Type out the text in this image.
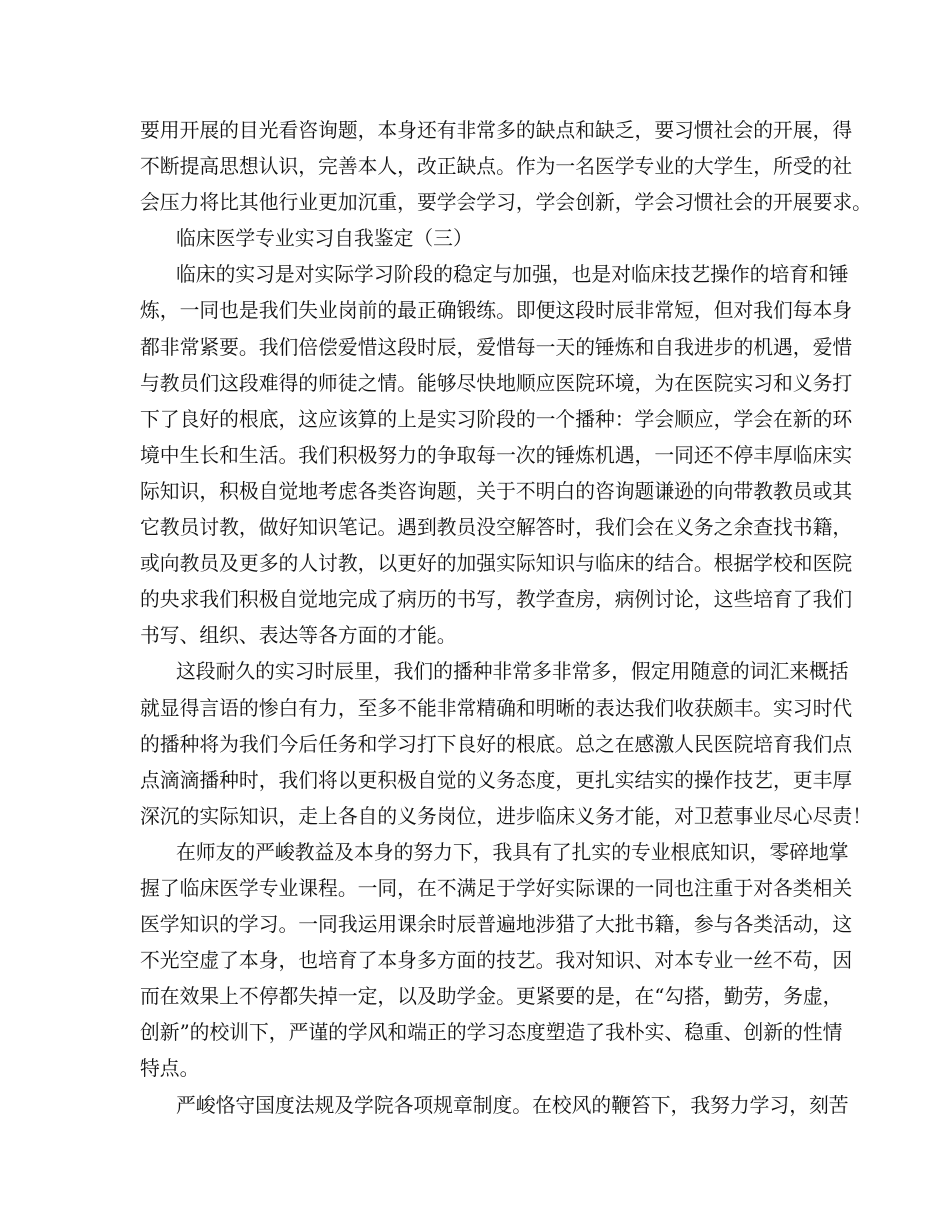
要用开展的目光看咨询题，本身还有非常多的缺点和缺乏，要习惯社会的开展，得
不断提高思想认识，完善本人，改正缺点。作为一名医学专业的大学生，所受的社
会压力将比其他行业更加沉重，要学会学习，学会创新，学会习惯社会的开展要求。
临床医学专业实习自我鉴定（三）
临床的实习是对实际学习阶段的稳定与加强，也是对临床技艺操作的培育和锤
炼，一同也是我们失业岗前的最正确锻练。即便这段时辰非常短，但对我们每本身
都非常紧要。我们倍偿爱惜这段时辰，爱惜每一天的锤炼和自我进步的机遇，爱惜
与教员们这段难得的师徒之情。能够尽快地顺应医院环境，为在医院实习和义务打
下了良好的根底，这应该算的上是实习阶段的一个播种：学会顺应，学会在新的环
境中生长和生活。我们积极努力的争取每一次的锤炼机遇，一同还不停丰厚临床实
际知识，积极自觉地考虑各类咨询题，关于不明白的咨询题谦逊的向带教教员或其
它教员讨教，做好知识笔记。遇到教员没空解答时，我们会在义务之余查找书籍，
或向教员及更多的人讨教，以更好的加强实际知识与临床的结合。根据学校和医院
的央求我们积极自觉地完成了病历的书写，教学查房，病例讨论，这些培育了我们
书写、组织、表达等各方面的才能。
这段耐久的实习时辰里，我们的播种非常多非常多，假定用随意的词汇来概括
就显得言语的惨白有力，至多不能非常精确和明晰的表达我们收获颇丰。实习时代
的播种将为我们今后任务和学习打下良好的根底。总之在感激人民医院培育我们点
点滴滴播种时，我们将以更积极自觉的义务态度，更扎实结实的操作技艺，更丰厚
深沉的实际知识，走上各自的义务岗位，进步临床义务才能，对卫惹事业尽心尽责！
在师友的严峻教益及本身的努力下，我具有了扎实的专业根底知识，零碎地掌
握了临床医学专业课程。一同，在不满足于学好实际课的一同也注重于对各类相关
医学知识的学习。一同我运用课余时辰普遍地涉猎了大批书籍，参与各类活动，这
不光空虚了本身，也培育了本身多方面的技艺。我对知识、对本专业一丝不苟，因
而在效果上不停都失掉一定，以及助学金。更紧要的是，在“勾搭，勤劳，务虚，
创新”的校训下，严谨的学风和端正的学习态度塑造了我朴实、稳重、创新的性情
特点。
严峻恪守国度法规及学院各项规章制度。在校风的鞭笞下，我努力学习，刻苦
